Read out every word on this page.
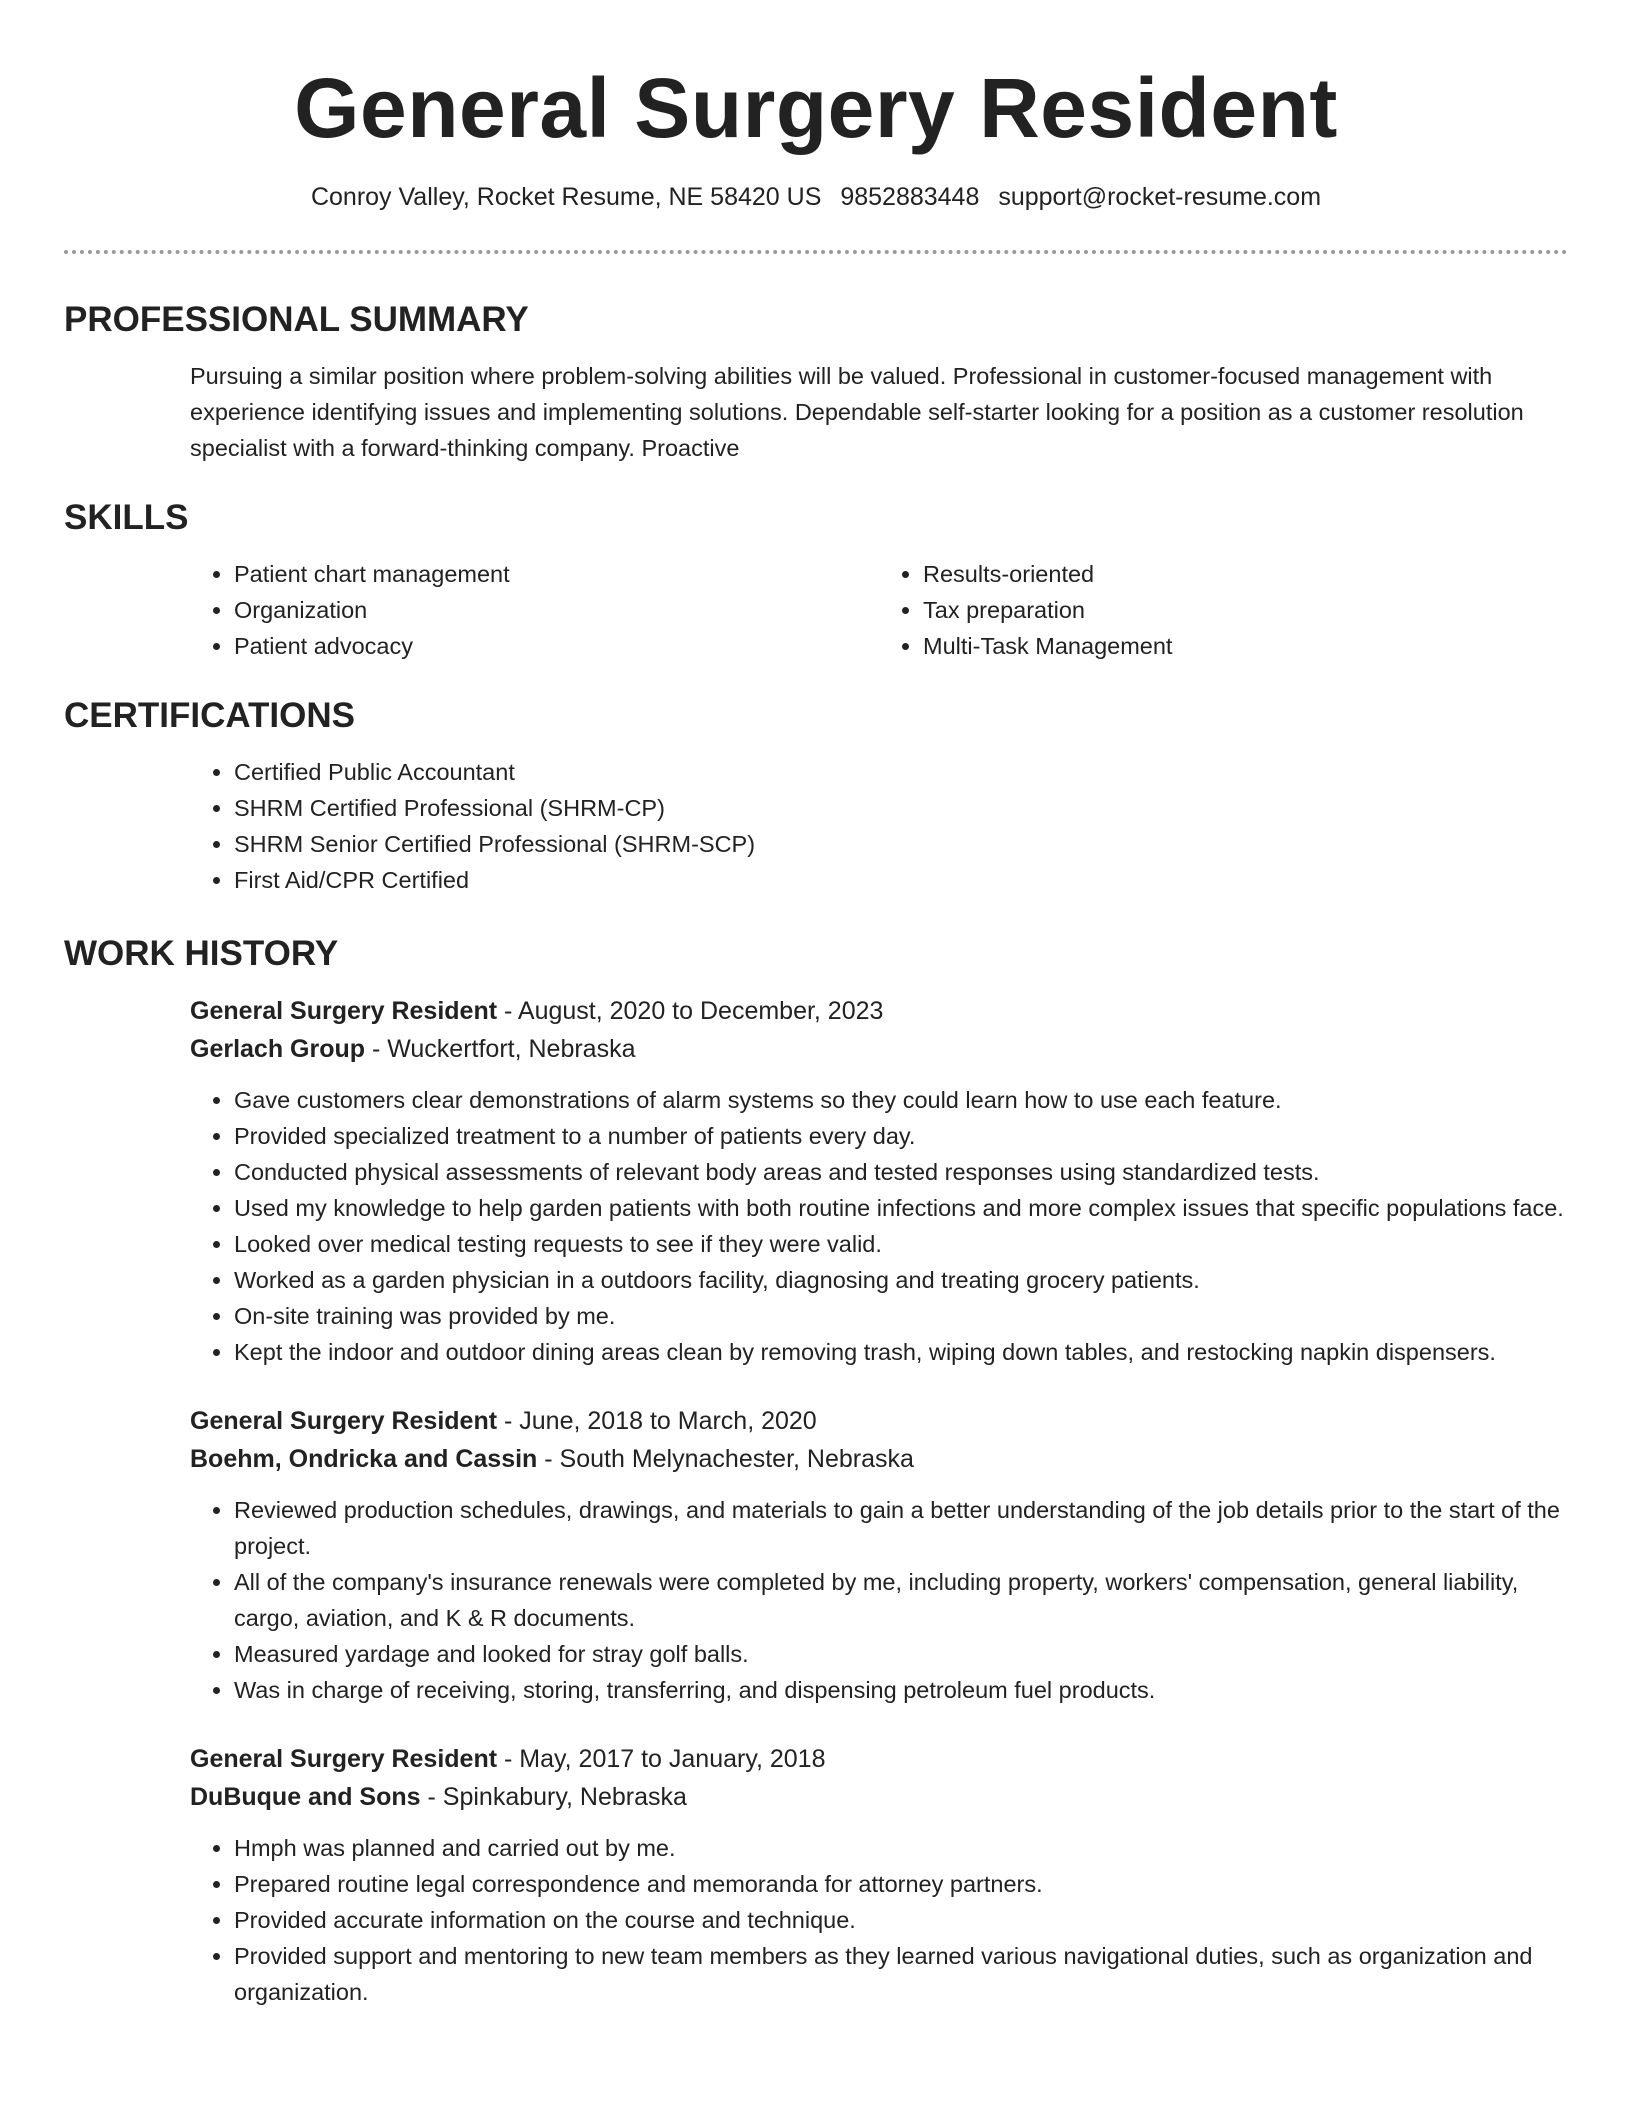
General Surgery Resident
Conroy Valley, Rocket Resume, NE 58420 US 9852883448 support@rocket-resume.com
PROFESSIONAL SUMMARY
Pursuing a similar position where problem-solving abilities will be valued. Professional in customer-focused management with experience identifying issues and implementing solutions. Dependable self-starter looking for a position as a customer resolution specialist with a forward-thinking company. Proactive
SKILLS
• Patient chart management
• Organization
• Patient advocacy
• Results-oriented
• Tax preparation
• Multi-Task Management
CERTIFICATIONS
• Certified Public Accountant
• SHRM Certified Professional (SHRM-CP)
• SHRM Senior Certified Professional (SHRM-SCP)
• First Aid/CPR Certified
WORK HISTORY
General Surgery Resident - August, 2020 to December, 2023
Gerlach Group - Wuckertfort, Nebraska
• Gave customers clear demonstrations of alarm systems so they could learn how to use each feature.
• Provided specialized treatment to a number of patients every day.
• Conducted physical assessments of relevant body areas and tested responses using standardized tests.
• Used my knowledge to help garden patients with both routine infections and more complex issues that specific populations face.
• Looked over medical testing requests to see if they were valid.
• Worked as a garden physician in a outdoors facility, diagnosing and treating grocery patients.
• On-site training was provided by me.
• Kept the indoor and outdoor dining areas clean by removing trash, wiping down tables, and restocking napkin dispensers.
General Surgery Resident - June, 2018 to March, 2020
Boehm, Ondricka and Cassin - South Melynachester, Nebraska
• Reviewed production schedules, drawings, and materials to gain a better understanding of the job details prior to the start of the project.
• All of the company's insurance renewals were completed by me, including property, workers' compensation, general liability, cargo, aviation, and K & R documents.
• Measured yardage and looked for stray golf balls.
• Was in charge of receiving, storing, transferring, and dispensing petroleum fuel products.
General Surgery Resident - May, 2017 to January, 2018
DuBuque and Sons - Spinkabury, Nebraska
• Hmph was planned and carried out by me.
• Prepared routine legal correspondence and memoranda for attorney partners.
• Provided accurate information on the course and technique.
• Provided support and mentoring to new team members as they learned various navigational duties, such as organization and organization.
